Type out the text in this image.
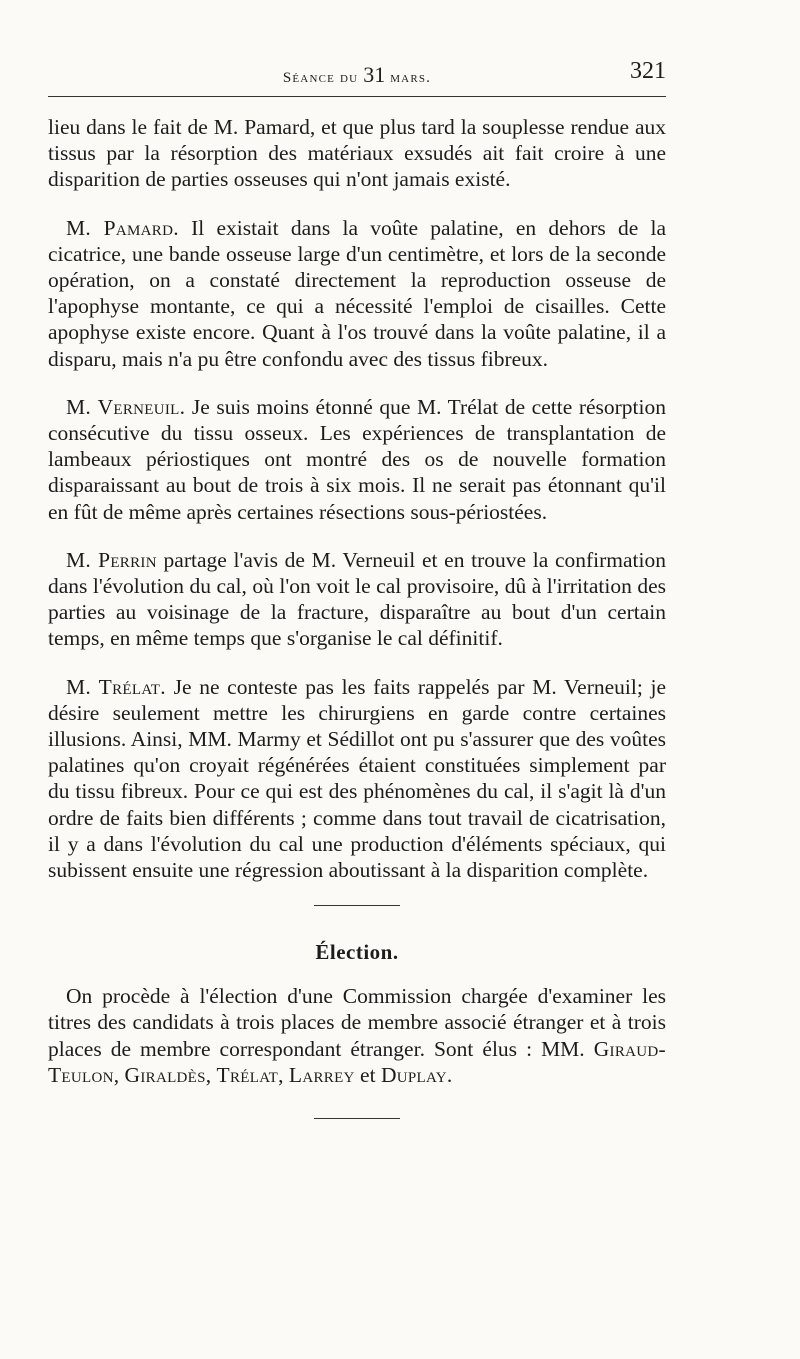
Séance du 31 mars.	321

lieu dans le fait de M. Pamard, et que plus tard la souplesse rendue aux tissus par la résorption des matériaux exsudés ait fait croire à une disparition de parties osseuses qui n'ont jamais existé.

M. Pamard. Il existait dans la voûte palatine, en dehors de la cicatrice, une bande osseuse large d'un centimètre, et lors de la seconde opération, on a constaté directement la reproduction osseuse de l'apophyse montante, ce qui a nécessité l'emploi de cisailles. Cette apophyse existe encore. Quant à l'os trouvé dans la voûte palatine, il a disparu, mais n'a pu être confondu avec des tissus fibreux.

M. Verneuil. Je suis moins étonné que M. Trélat de cette résorption consécutive du tissu osseux. Les expériences de transplantation de lambeaux périostiques ont montré des os de nouvelle formation disparaissant au bout de trois à six mois. Il ne serait pas étonnant qu'il en fût de même après certaines résections sous-périostées.

M. Perrin partage l'avis de M. Verneuil et en trouve la confirmation dans l'évolution du cal, où l'on voit le cal provisoire, dû à l'irritation des parties au voisinage de la fracture, disparaître au bout d'un certain temps, en même temps que s'organise le cal définitif.

M. Trélat. Je ne conteste pas les faits rappelés par M. Verneuil; je désire seulement mettre les chirurgiens en garde contre certaines illusions. Ainsi, MM. Marmy et Sédillot ont pu s'assurer que des voûtes palatines qu'on croyait régénérées étaient constituées simplement par du tissu fibreux. Pour ce qui est des phénomènes du cal, il s'agit là d'un ordre de faits bien différents ; comme dans tout travail de cicatrisation, il y a dans l'évolution du cal une production d'éléments spéciaux, qui subissent ensuite une régression aboutissant à la disparition complète.

Élection.

On procède à l'élection d'une Commission chargée d'examiner les titres des candidats à trois places de membre associé étranger et à trois places de membre correspondant étranger. Sont élus : MM. Giraud-Teulon, Giraldès, Trélat, Larrey et Duplay.
